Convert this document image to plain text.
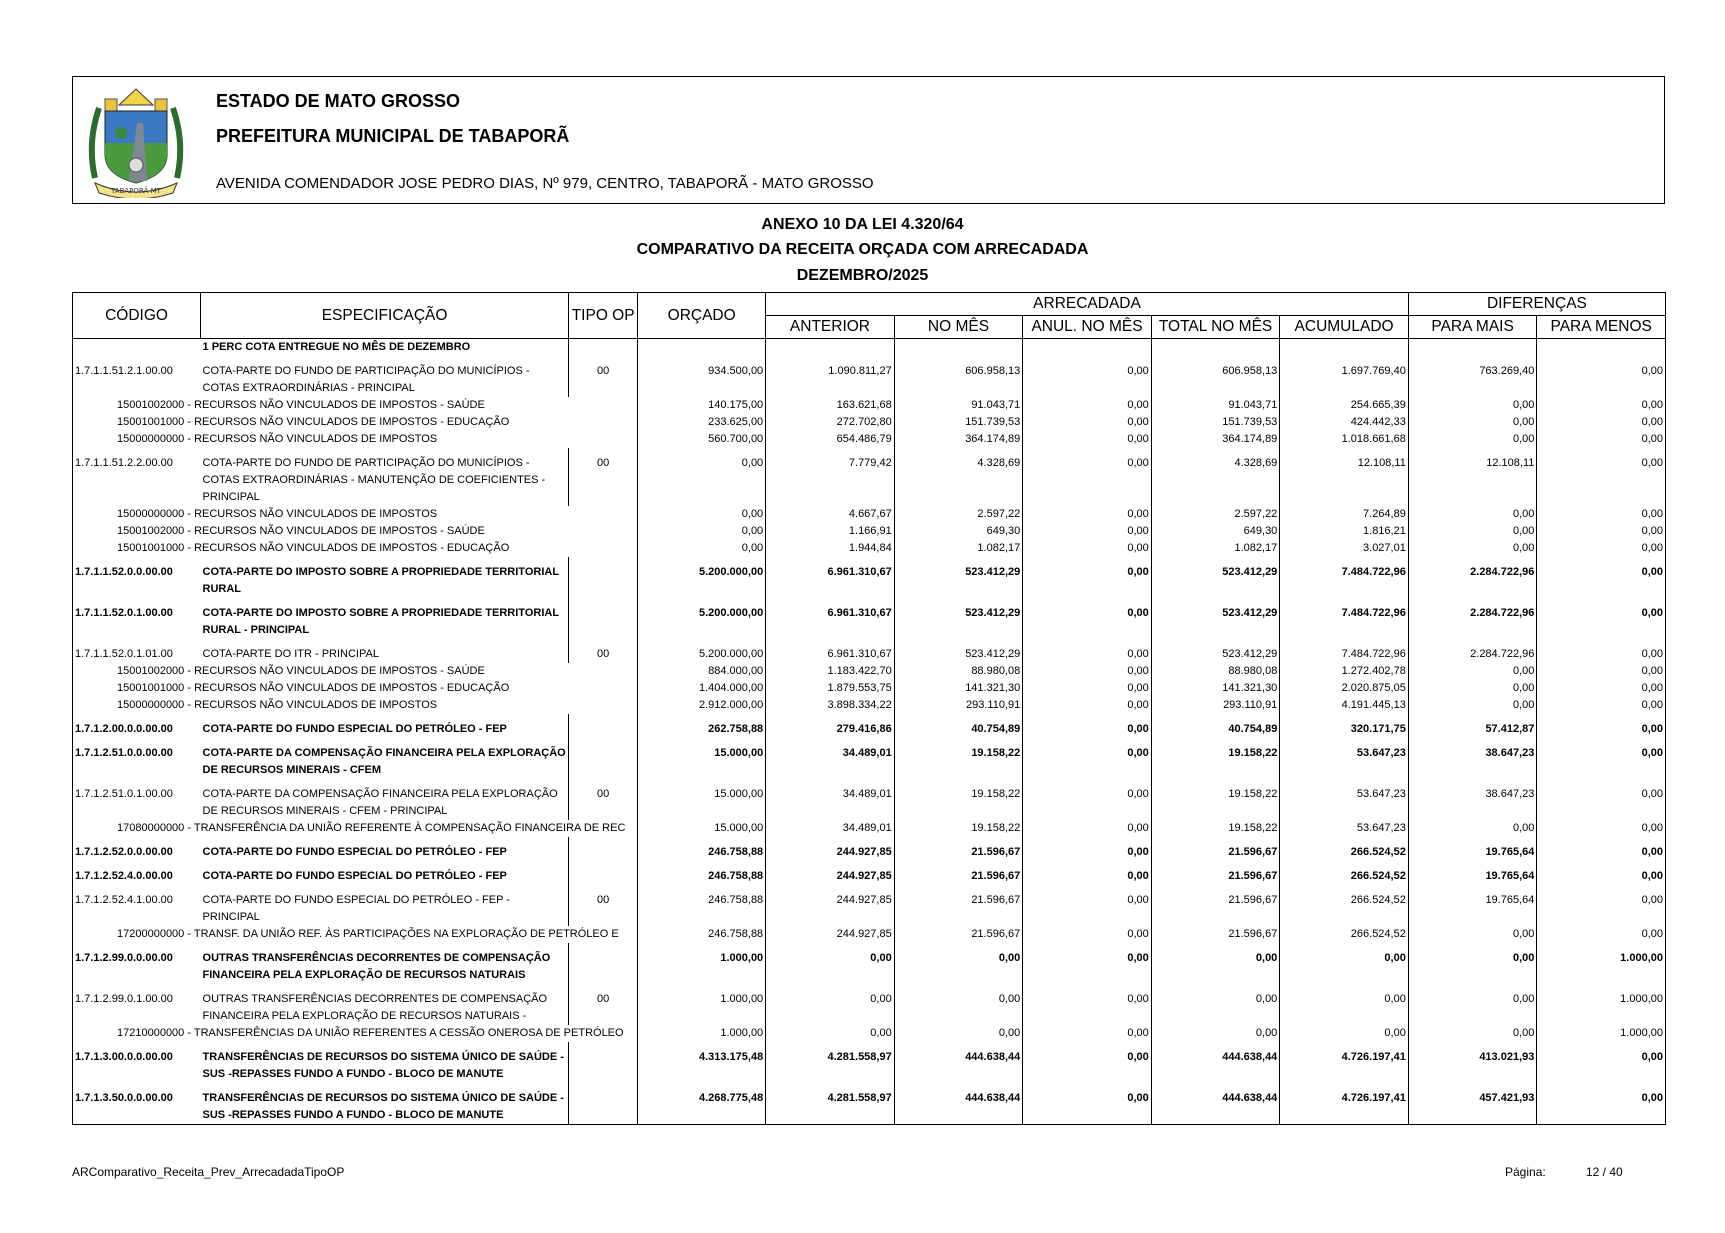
TABAPORÃ-MT
ESTADO DE MATO GROSSO
PREFEITURA MUNICIPAL DE TABAPORÃ
AVENIDA COMENDADOR JOSE PEDRO DIAS, Nº 979, CENTRO, TABAPORÃ - MATO GROSSO
ANEXO 10 DA LEI 4.320/64
COMPARATIVO DA RECEITA ORÇADA COM ARRECADADA
DEZEMBRO/2025
CÓDIGO	ESPECIFICAÇÃO	TIPO OP	ORÇADO	ARRECADADA					DIFERENÇAS	
				ANTERIOR	NO MÊS	ANUL. NO MÊS	TOTAL NO MÊS	ACUMULADO	PARA MAIS	PARA MENOS
	1 PERC COTA ENTREGUE NO MÊS DE DEZEMBRO									
1.7.1.1.51.2.1.00.00	COTA-PARTE DO FUNDO DE PARTICIPAÇÃO DO MUNICÍPIOS - COTAS EXTRAORDINÁRIAS - PRINCIPAL	00	934.500,00	1.090.811,27	606.958,13	0,00	606.958,13	1.697.769,40	763.269,40	0,00
15001002000 - RECURSOS NÃO VINCULADOS DE IMPOSTOS - SAÚDE			140.175,00	163.621,68	91.043,71	0,00	91.043,71	254.665,39	0,00	0,00
15001001000 - RECURSOS NÃO VINCULADOS DE IMPOSTOS - EDUCAÇÃO			233.625,00	272.702,80	151.739,53	0,00	151.739,53	424.442,33	0,00	0,00
15000000000 - RECURSOS NÃO VINCULADOS DE IMPOSTOS			560.700,00	654.486,79	364.174,89	0,00	364.174,89	1.018.661,68	0,00	0,00
1.7.1.1.51.2.2.00.00	COTA-PARTE DO FUNDO DE PARTICIPAÇÃO DO MUNICÍPIOS - COTAS EXTRAORDINÁRIAS - MANUTENÇÃO DE COEFICIENTES - PRINCIPAL	00	0,00	7.779,42	4.328,69	0,00	4.328,69	12.108,11	12.108,11	0,00
15000000000 - RECURSOS NÃO VINCULADOS DE IMPOSTOS			0,00	4.667,67	2.597,22	0,00	2.597,22	7.264,89	0,00	0,00
15001002000 - RECURSOS NÃO VINCULADOS DE IMPOSTOS - SAÚDE			0,00	1.166,91	649,30	0,00	649,30	1.816,21	0,00	0,00
15001001000 - RECURSOS NÃO VINCULADOS DE IMPOSTOS - EDUCAÇÃO			0,00	1.944,84	1.082,17	0,00	1.082,17	3.027,01	0,00	0,00
1.7.1.1.52.0.0.00.00	COTA-PARTE DO IMPOSTO SOBRE A PROPRIEDADE TERRITORIAL RURAL		5.200.000,00	6.961.310,67	523.412,29	0,00	523.412,29	7.484.722,96	2.284.722,96	0,00
1.7.1.1.52.0.1.00.00	COTA-PARTE DO IMPOSTO SOBRE A PROPRIEDADE TERRITORIAL RURAL - PRINCIPAL		5.200.000,00	6.961.310,67	523.412,29	0,00	523.412,29	7.484.722,96	2.284.722,96	0,00
1.7.1.1.52.0.1.01.00	COTA-PARTE DO ITR - PRINCIPAL	00	5.200.000,00	6.961.310,67	523.412,29	0,00	523.412,29	7.484.722,96	2.284.722,96	0,00
15001002000 - RECURSOS NÃO VINCULADOS DE IMPOSTOS - SAÚDE			884.000,00	1.183.422,70	88.980,08	0,00	88.980,08	1.272.402,78	0,00	0,00
15001001000 - RECURSOS NÃO VINCULADOS DE IMPOSTOS - EDUCAÇÃO			1.404.000,00	1.879.553,75	141.321,30	0,00	141.321,30	2.020.875,05	0,00	0,00
15000000000 - RECURSOS NÃO VINCULADOS DE IMPOSTOS			2.912.000,00	3.898.334,22	293.110,91	0,00	293.110,91	4.191.445,13	0,00	0,00
1.7.1.2.00.0.0.00.00	COTA-PARTE DO FUNDO ESPECIAL DO PETRÓLEO - FEP		262.758,88	279.416,86	40.754,89	0,00	40.754,89	320.171,75	57.412,87	0,00
1.7.1.2.51.0.0.00.00	COTA-PARTE DA COMPENSAÇÃO FINANCEIRA PELA EXPLORAÇÃO DE RECURSOS MINERAIS - CFEM		15.000,00	34.489,01	19.158,22	0,00	19.158,22	53.647,23	38.647,23	0,00
1.7.1.2.51.0.1.00.00	COTA-PARTE DA COMPENSAÇÃO FINANCEIRA PELA EXPLORAÇÃO DE RECURSOS MINERAIS - CFEM - PRINCIPAL	00	15.000,00	34.489,01	19.158,22	0,00	19.158,22	53.647,23	38.647,23	0,00
17080000000 - TRANSFERÊNCIA DA UNIÃO REFERENTE À COMPENSAÇÃO FINANCEIRA DE REC			15.000,00	34.489,01	19.158,22	0,00	19.158,22	53.647,23	0,00	0,00
1.7.1.2.52.0.0.00.00	COTA-PARTE DO FUNDO ESPECIAL DO PETRÓLEO - FEP		246.758,88	244.927,85	21.596,67	0,00	21.596,67	266.524,52	19.765,64	0,00
1.7.1.2.52.4.0.00.00	COTA-PARTE DO FUNDO ESPECIAL DO PETRÓLEO - FEP		246.758,88	244.927,85	21.596,67	0,00	21.596,67	266.524,52	19.765,64	0,00
1.7.1.2.52.4.1.00.00	COTA-PARTE DO FUNDO ESPECIAL DO PETRÓLEO - FEP - PRINCIPAL	00	246.758,88	244.927,85	21.596,67	0,00	21.596,67	266.524,52	19.765,64	0,00
17200000000 - TRANSF. DA UNIÃO REF. ÀS PARTICIPAÇÕES NA EXPLORAÇÃO DE PETRÓLEO E			246.758,88	244.927,85	21.596,67	0,00	21.596,67	266.524,52	0,00	0,00
1.7.1.2.99.0.0.00.00	OUTRAS TRANSFERÊNCIAS DECORRENTES DE COMPENSAÇÃO FINANCEIRA PELA EXPLORAÇÃO DE RECURSOS NATURAIS		1.000,00	0,00	0,00	0,00	0,00	0,00	0,00	1.000,00
1.7.1.2.99.0.1.00.00	OUTRAS TRANSFERÊNCIAS DECORRENTES DE COMPENSAÇÃO FINANCEIRA PELA EXPLORAÇÃO DE RECURSOS NATURAIS -	00	1.000,00	0,00	0,00	0,00	0,00	0,00	0,00	1.000,00
17210000000 - TRANSFERÊNCIAS DA UNIÃO REFERENTES A CESSÃO ONEROSA DE PETRÓLEO			1.000,00	0,00	0,00	0,00	0,00	0,00	0,00	1.000,00
1.7.1.3.00.0.0.00.00	TRANSFERÊNCIAS DE RECURSOS DO SISTEMA ÚNICO DE SAÚDE - SUS -REPASSES FUNDO A FUNDO - BLOCO DE MANUTE		4.313.175,48	4.281.558,97	444.638,44	0,00	444.638,44	4.726.197,41	413.021,93	0,00
1.7.1.3.50.0.0.00.00	TRANSFERÊNCIAS DE RECURSOS DO SISTEMA ÚNICO DE SAÚDE - SUS -REPASSES FUNDO A FUNDO - BLOCO DE MANUTE		4.268.775,48	4.281.558,97	444.638,44	0,00	444.638,44	4.726.197,41	457.421,93	0,00
ARComparativo_Receita_Prev_ArrecadadaTipoOP	Página:	12 / 40
